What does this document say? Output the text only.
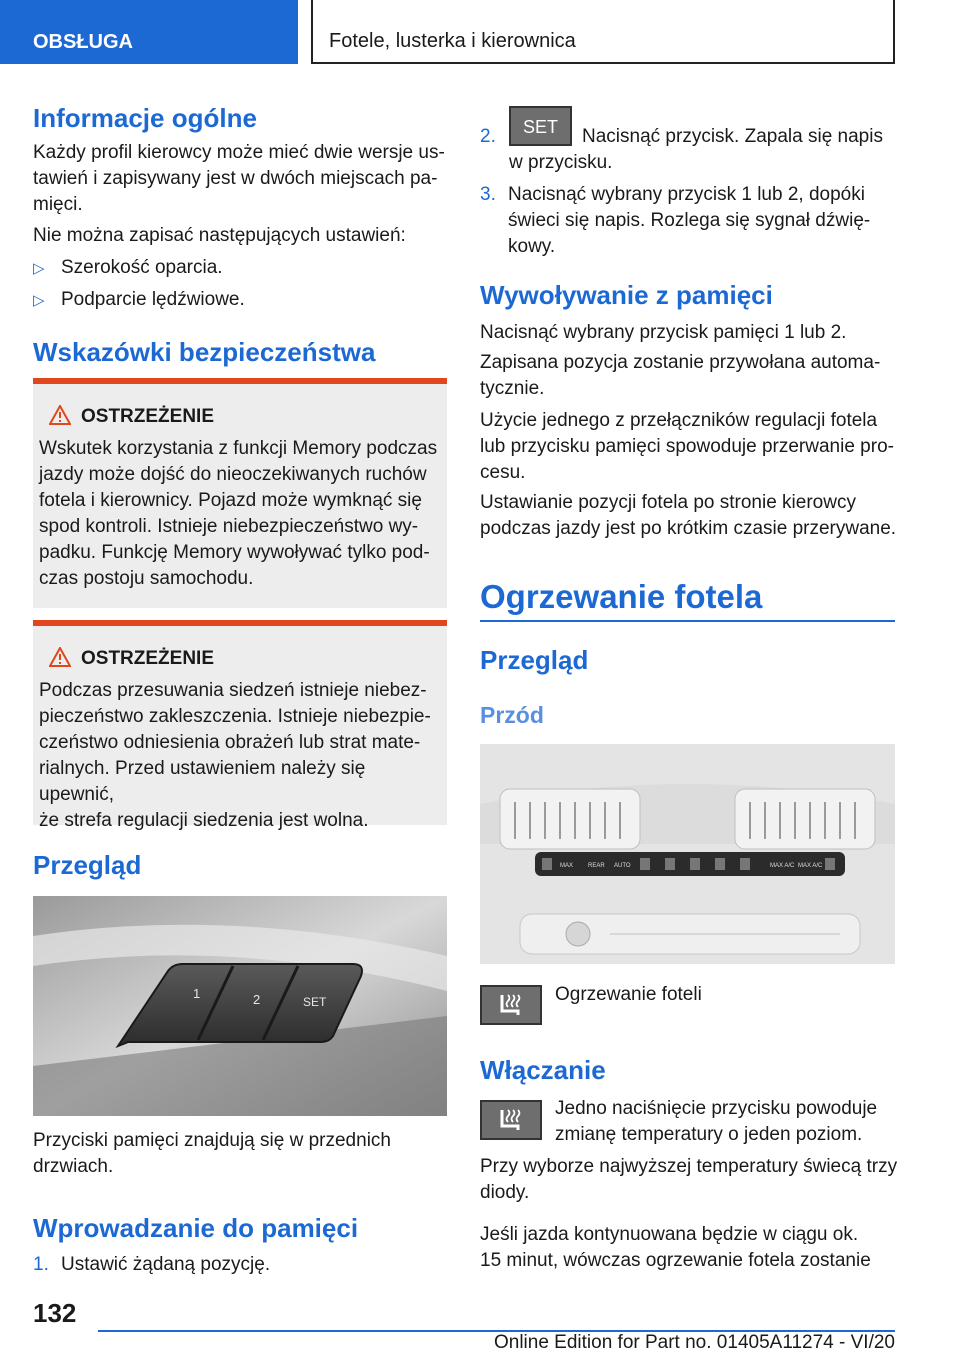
OBSŁUGA	Fotele, lusterka i kierownica
Informacje ogólne
Każdy profil kierowcy może mieć dwie wersje us‐
tawień i zapisywany jest w dwóch miejscach pa‐
mięci.
Nie można zapisać następujących ustawień:
▷ Szerokość oparcia.
▷ Podparcie lędźwiowe.
Wskazówki bezpieczeństwa
OSTRZEŻENIE
Wskutek korzystania z funkcji Memory podczas
jazdy może dojść do nieoczekiwanych ruchów
fotela i kierownicy. Pojazd może wymknąć się
spod kontroli. Istnieje niebezpieczeństwo wy‐
padku. Funkcję Memory wywoływać tylko pod‐
czas postoju samochodu.
OSTRZEŻENIE
Podczas przesuwania siedzeń istnieje niebez‐
pieczeństwo zakleszczenia. Istnieje niebezpie‐
czeństwo odniesienia obrażeń lub strat mate‐
rialnych. Przed ustawieniem należy się upewnić,
że strefa regulacji siedzenia jest wolna.
Przegląd
1	2	SET
Przyciski pamięci znajdują się w przednich
drzwiach.
Wprowadzanie do pamięci
1. Ustawić żądaną pozycję.
2.	SET	Nacisnąć przycisk. Zapala się napis
w przycisku.
3. Nacisnąć wybrany przycisk 1 lub 2, dopóki
świeci się napis. Rozlega się sygnał dźwię‐
kowy.
Wywoływanie z pamięci
Nacisnąć wybrany przycisk pamięci 1 lub 2.
Zapisana pozycja zostanie przywołana automa‐
tycznie.
Użycie jednego z przełączników regulacji fotela
lub przycisku pamięci spowoduje przerwanie pro‐
cesu.
Ustawianie pozycji fotela po stronie kierowcy
podczas jazdy jest po krótkim czasie przerywane.
Ogrzewanie fotela
Przegląd
Przód
MAX REAR AUTO	MAX A/C MAX A/C
Ogrzewanie foteli
Włączanie
Jedno naciśnięcie przycisku powoduje
zmianę temperatury o jeden poziom.
Przy wyborze najwyższej temperatury świecą trzy
diody.
Jeśli jazda kontynuowana będzie w ciągu ok.
15 minut, wówczas ogrzewanie fotela zostanie
132
Online Edition for Part no. 01405A11274 - VI/20
